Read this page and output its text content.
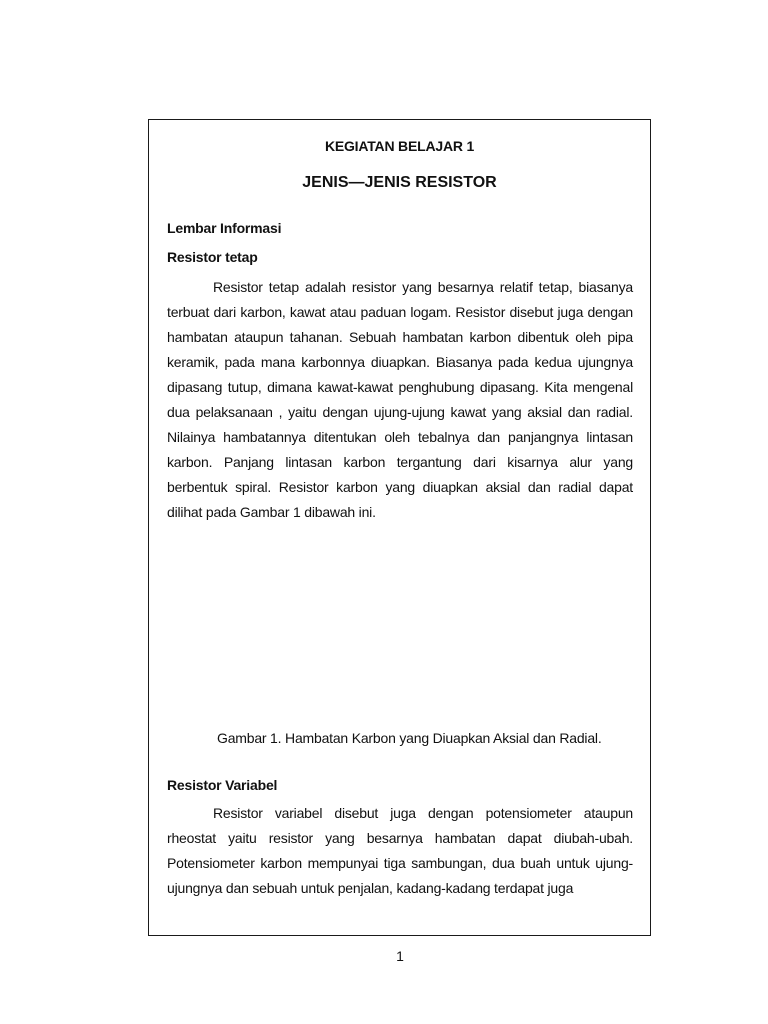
KEGIATAN BELAJAR 1
JENIS—JENIS RESISTOR
Lembar Informasi
Resistor tetap

Resistor tetap adalah resistor yang besarnya relatif tetap, biasanya terbuat dari karbon, kawat atau paduan logam. Resistor disebut juga dengan hambatan ataupun tahanan. Sebuah hambatan karbon dibentuk oleh pipa keramik, pada mana karbonnya diuapkan. Biasanya pada kedua ujungnya dipasang tutup, dimana kawat-kawat penghubung dipasang. Kita mengenal dua pelaksanaan , yaitu dengan ujung-ujung kawat yang aksial dan radial. Nilainya hambatannya ditentukan oleh tebalnya dan panjangnya lintasan karbon. Panjang lintasan karbon tergantung dari kisarnya alur yang berbentuk spiral. Resistor karbon yang diuapkan aksial dan radial dapat dilihat pada Gambar 1 dibawah ini.

Gambar 1. Hambatan Karbon yang Diuapkan Aksial dan Radial.
Resistor Variabel

Resistor variabel disebut juga dengan potensiometer ataupun rheostat yaitu resistor yang besarnya hambatan dapat diubah-ubah. Potensiometer karbon mempunyai tiga sambungan, dua buah untuk ujung-ujungnya dan sebuah untuk penjalan, kadang-kadang terdapat juga

1
